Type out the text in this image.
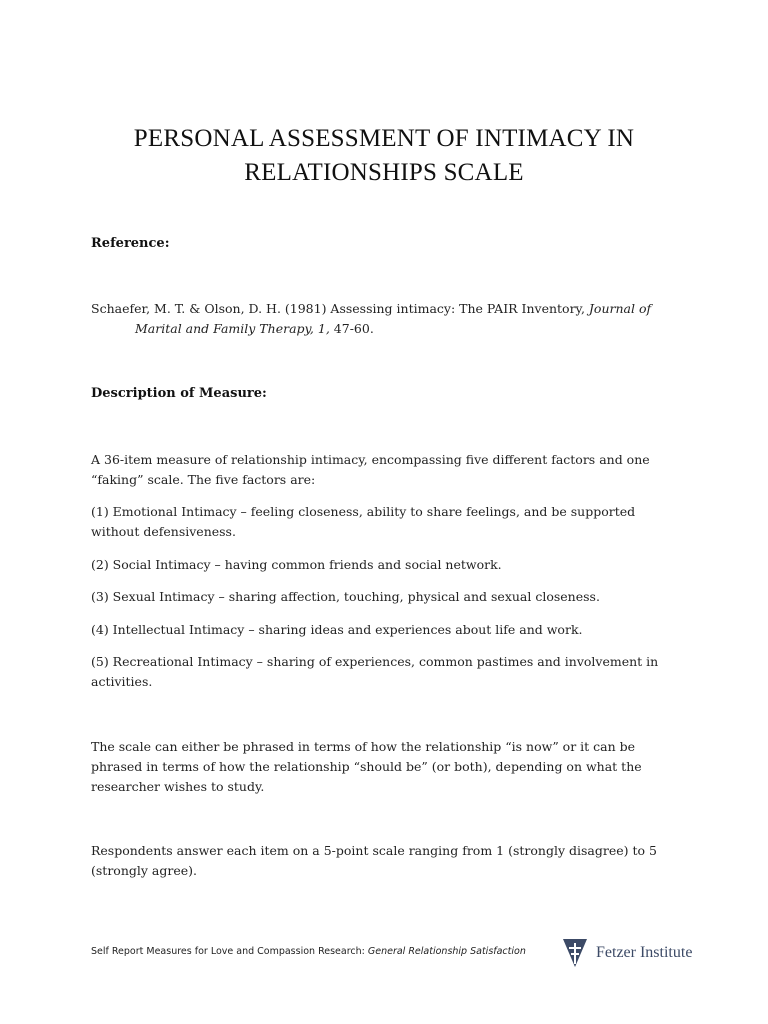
PERSONAL ASSESSMENT OF INTIMACY IN
RELATIONSHIPS SCALE
Reference:
Schaefer, M. T. & Olson, D. H. (1981) Assessing intimacy: The PAIR Inventory, Journal of
Marital and Family Therapy, 1, 47-60.
Description of Measure:
A 36-item measure of relationship intimacy, encompassing five different factors and one
“faking” scale. The five factors are:
(1) Emotional Intimacy – feeling closeness, ability to share feelings, and be supported
without defensiveness.
(2) Social Intimacy – having common friends and social network.
(3) Sexual Intimacy – sharing affection, touching, physical and sexual closeness.
(4) Intellectual Intimacy – sharing ideas and experiences about life and work.
(5) Recreational Intimacy – sharing of experiences, common pastimes and involvement in
activities.
The scale can either be phrased in terms of how the relationship “is now” or it can be
phrased in terms of how the relationship “should be” (or both), depending on what the
researcher wishes to study.
Respondents answer each item on a 5-point scale ranging from 1 (strongly disagree) to 5
(strongly agree).
Self Report Measures for Love and Compassion Research: General Relationship Satisfaction	Fetzer Institute
